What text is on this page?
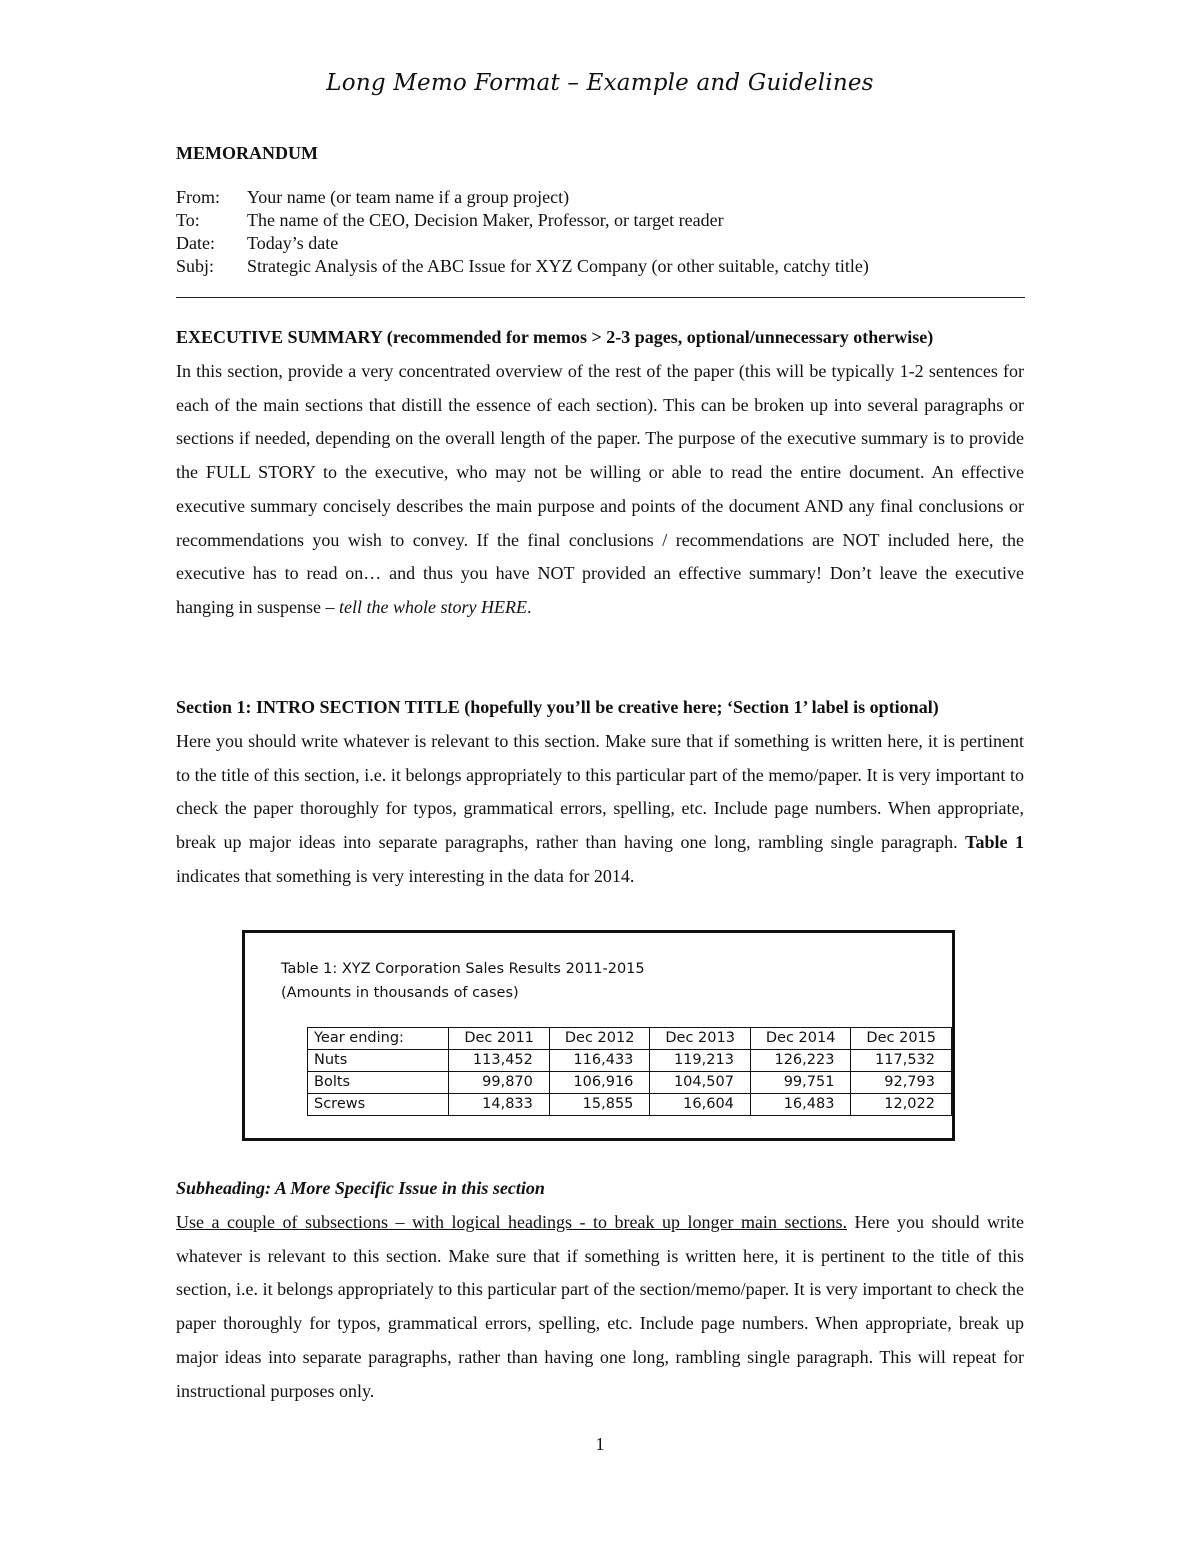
Long Memo Format – Example and Guidelines
MEMORANDUM
From: Your name (or team name if a group project)
To:	The name of the CEO, Decision Maker, Professor, or target reader
Date: Today’s date
Subj: Strategic Analysis of the ABC Issue for XYZ Company (or other suitable, catchy title)
EXECUTIVE SUMMARY (recommended for memos > 2-3 pages, optional/unnecessary otherwise)

In this section, provide a very concentrated overview of the rest of the paper (this will be typically 1-2 sentences for each of the main sections that distill the essence of each section). This can be broken up into several paragraphs or sections if needed, depending on the overall length of the paper. The purpose of the executive summary is to provide the FULL STORY to the executive, who may not be willing or able to read the entire document. An effective executive summary concisely describes the main purpose and points of the document AND any final conclusions or recommendations you wish to convey. If the final conclusions / recommendations are NOT included here, the executive has to read on… and thus you have NOT provided an effective summary! Don’t leave the executive hanging in suspense – tell the whole story HERE.

Section 1: INTRO SECTION TITLE (hopefully you’ll be creative here; ‘Section 1’ label is optional)

Here you should write whatever is relevant to this section. Make sure that if something is written here, it is pertinent to the title of this section, i.e. it belongs appropriately to this particular part of the memo/paper. It is very important to check the paper thoroughly for typos, grammatical errors, spelling, etc. Include page numbers. When appropriate, break up major ideas into separate paragraphs, rather than having one long, rambling single paragraph. Table 1 indicates that something is very interesting in the data for 2014.

Table 1: XYZ Corporation Sales Results 2011-2015
(Amounts in thousands of cases)
Year ending:	Dec 2011	Dec 2012	Dec 2013	Dec 2014	Dec 2015
Nuts	113,452	116,433	119,213	126,223	117,532
Bolts	99,870	106,916	104,507	99,751	92,793
Screws	14,833	15,855	16,604	16,483	12,022
Subheading: A More Specific Issue in this section

Use a couple of subsections – with logical headings - to break up longer main sections. Here you should write whatever is relevant to this section. Make sure that if something is written here, it is pertinent to the title of this section, i.e. it belongs appropriately to this particular part of the section/memo/paper. It is very important to check the paper thoroughly for typos, grammatical errors, spelling, etc. Include page numbers. When appropriate, break up major ideas into separate paragraphs, rather than having one long, rambling single paragraph. This will repeat for instructional purposes only.

1
